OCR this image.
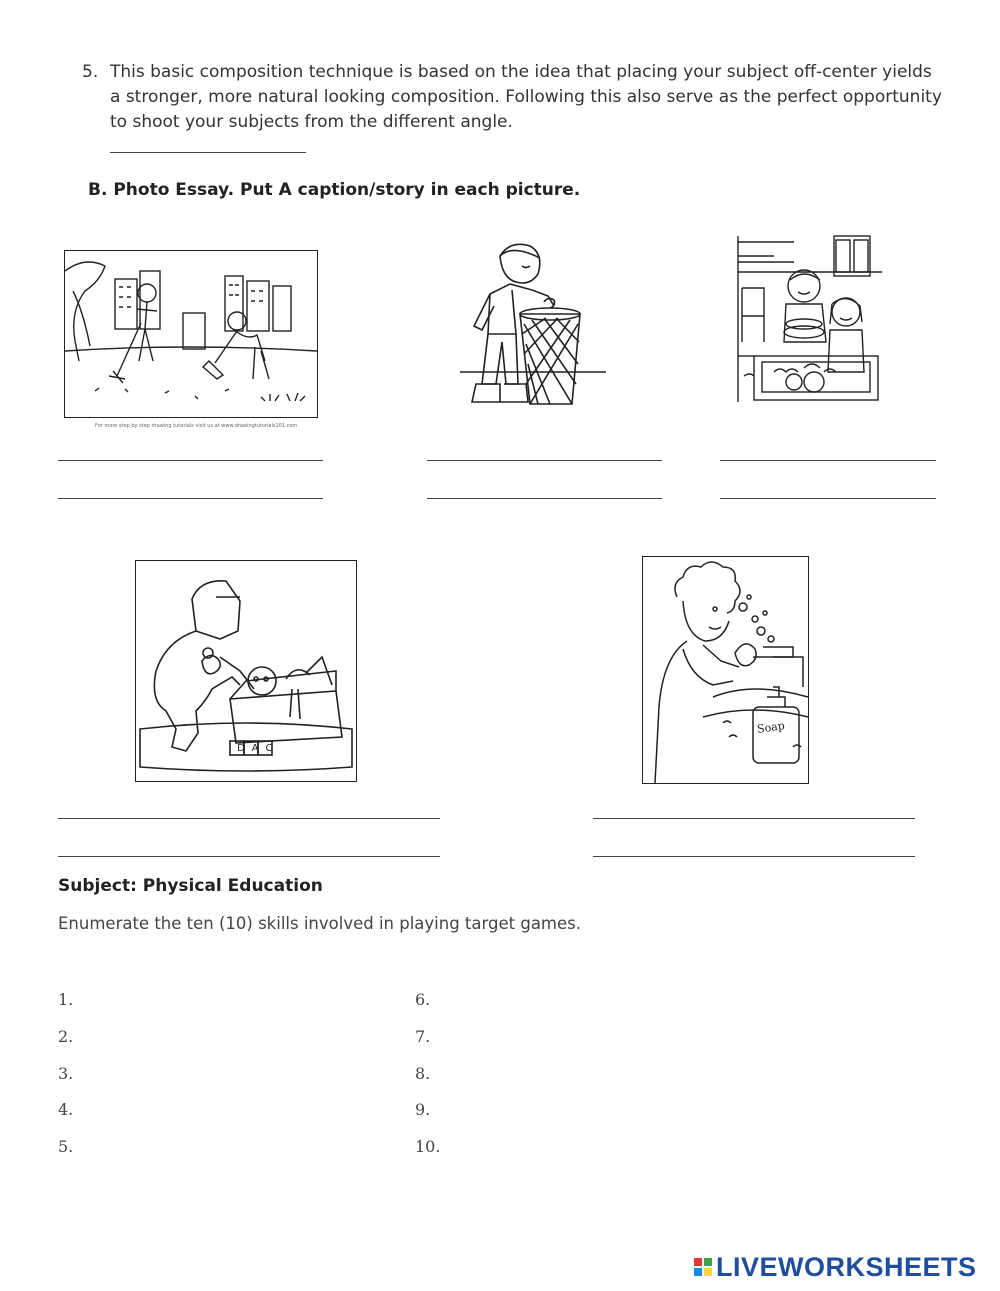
5. This basic composition technique is based on the idea that placing your subject off-center yields a stronger, more natural looking composition. Following this also serve as the perfect opportunity to shoot your subjects from the different angle.
B. Photo Essay. Put A caption/story in each picture.
For more step by step drawing tutorials visit us at www.drawingtutorials101.com
D A C
Soap
Subject: Physical Education
Enumerate the ten (10) skills involved in playing target games.
1.
2.
3.
4.
5.
6.
7.
8.
9.
10.
LIVEWORKSHEETS
